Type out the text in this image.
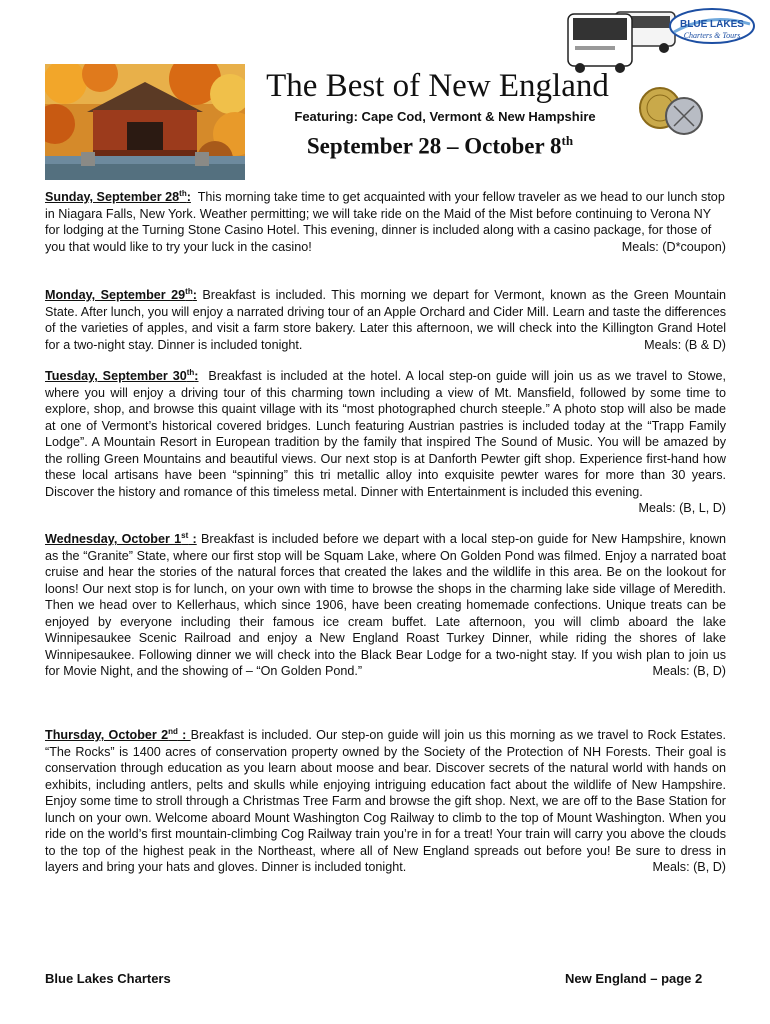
BLUE LAKES
Charters & Tours
The Best of New England
Featuring: Cape Cod, Vermont & New Hampshire
September 28 – October 8th

Sunday, September 28th: This morning take time to get acquainted with your fellow traveler as we head to our lunch stop in Niagara Falls, New York. Weather permitting; we will take ride on the Maid of the Mist before continuing to Verona NY for lodging at the Turning Stone Casino Hotel. This evening, dinner is included along with a casino package, for those of you that would like to try your luck in the casino!	Meals: (D*coupon)

Monday, September 29th: Breakfast is included. This morning we depart for Vermont, known as the Green Mountain State. After lunch, you will enjoy a narrated driving tour of an Apple Orchard and Cider Mill. Learn and taste the differences of the varieties of apples, and visit a farm store bakery. Later this afternoon, we will check into the Killington Grand Hotel for a two-night stay. Dinner is included tonight.	Meals: (B & D)

Tuesday, September 30th: Breakfast is included at the hotel. A local step-on guide will join us as we travel to Stowe, where you will enjoy a driving tour of this charming town including a view of Mt. Mansfield, followed by some time to explore, shop, and browse this quaint village with its “most photographed church steeple.” A photo stop will also be made at one of Vermont’s historical covered bridges. Lunch featuring Austrian pastries is included today at the “Trapp Family Lodge”. A Mountain Resort in European tradition by the family that inspired The Sound of Music. You will be amazed by the rolling Green Mountains and beautiful views. Our next stop is at Danforth Pewter gift shop. Experience first-hand how these local artisans have been “spinning” this tri metallic alloy into exquisite pewter wares for more than 30 years. Discover the history and romance of this timeless metal. Dinner with Entertainment is included this evening.
Meals: (B, L, D)

Wednesday, October 1st : Breakfast is included before we depart with a local step-on guide for New Hampshire, known as the “Granite” State, where our first stop will be Squam Lake, where On Golden Pond was filmed. Enjoy a narrated boat cruise and hear the stories of the natural forces that created the lakes and the wildlife in this area. Be on the lookout for loons! Our next stop is for lunch, on your own with time to browse the shops in the charming lake side village of Meredith. Then we head over to Kellerhaus, which since 1906, have been creating homemade confections. Unique treats can be enjoyed by everyone including their famous ice cream buffet. Late afternoon, you will climb aboard the lake Winnipesaukee Scenic Railroad and enjoy a New England Roast Turkey Dinner, while riding the shores of lake Winnipesaukee. Following dinner we will check into the Black Bear Lodge for a two-night stay. If you wish plan to join us for Movie Night, and the showing of – “On Golden Pond.”	Meals: (B, D)

Thursday, October 2nd : Breakfast is included. Our step-on guide will join us this morning as we travel to Rock Estates. “The Rocks” is 1400 acres of conservation property owned by the Society of the Protection of NH Forests. Their goal is conservation through education as you learn about moose and bear. Discover secrets of the natural world with hands on exhibits, including antlers, pelts and skulls while enjoying intriguing education fact about the wildlife of New Hampshire. Enjoy some time to stroll through a Christmas Tree Farm and browse the gift shop. Next, we are off to the Base Station for lunch on your own. Welcome aboard Mount Washington Cog Railway to climb to the top of Mount Washington. When you ride on the world’s first mountain-climbing Cog Railway train you’re in for a treat! Your train will carry you above the clouds to the top of the highest peak in the Northeast, where all of New England spreads out before you! Be sure to dress in layers and bring your hats and gloves. Dinner is included tonight.	Meals: (B, D)

Blue Lakes Charters	New England – page 2
